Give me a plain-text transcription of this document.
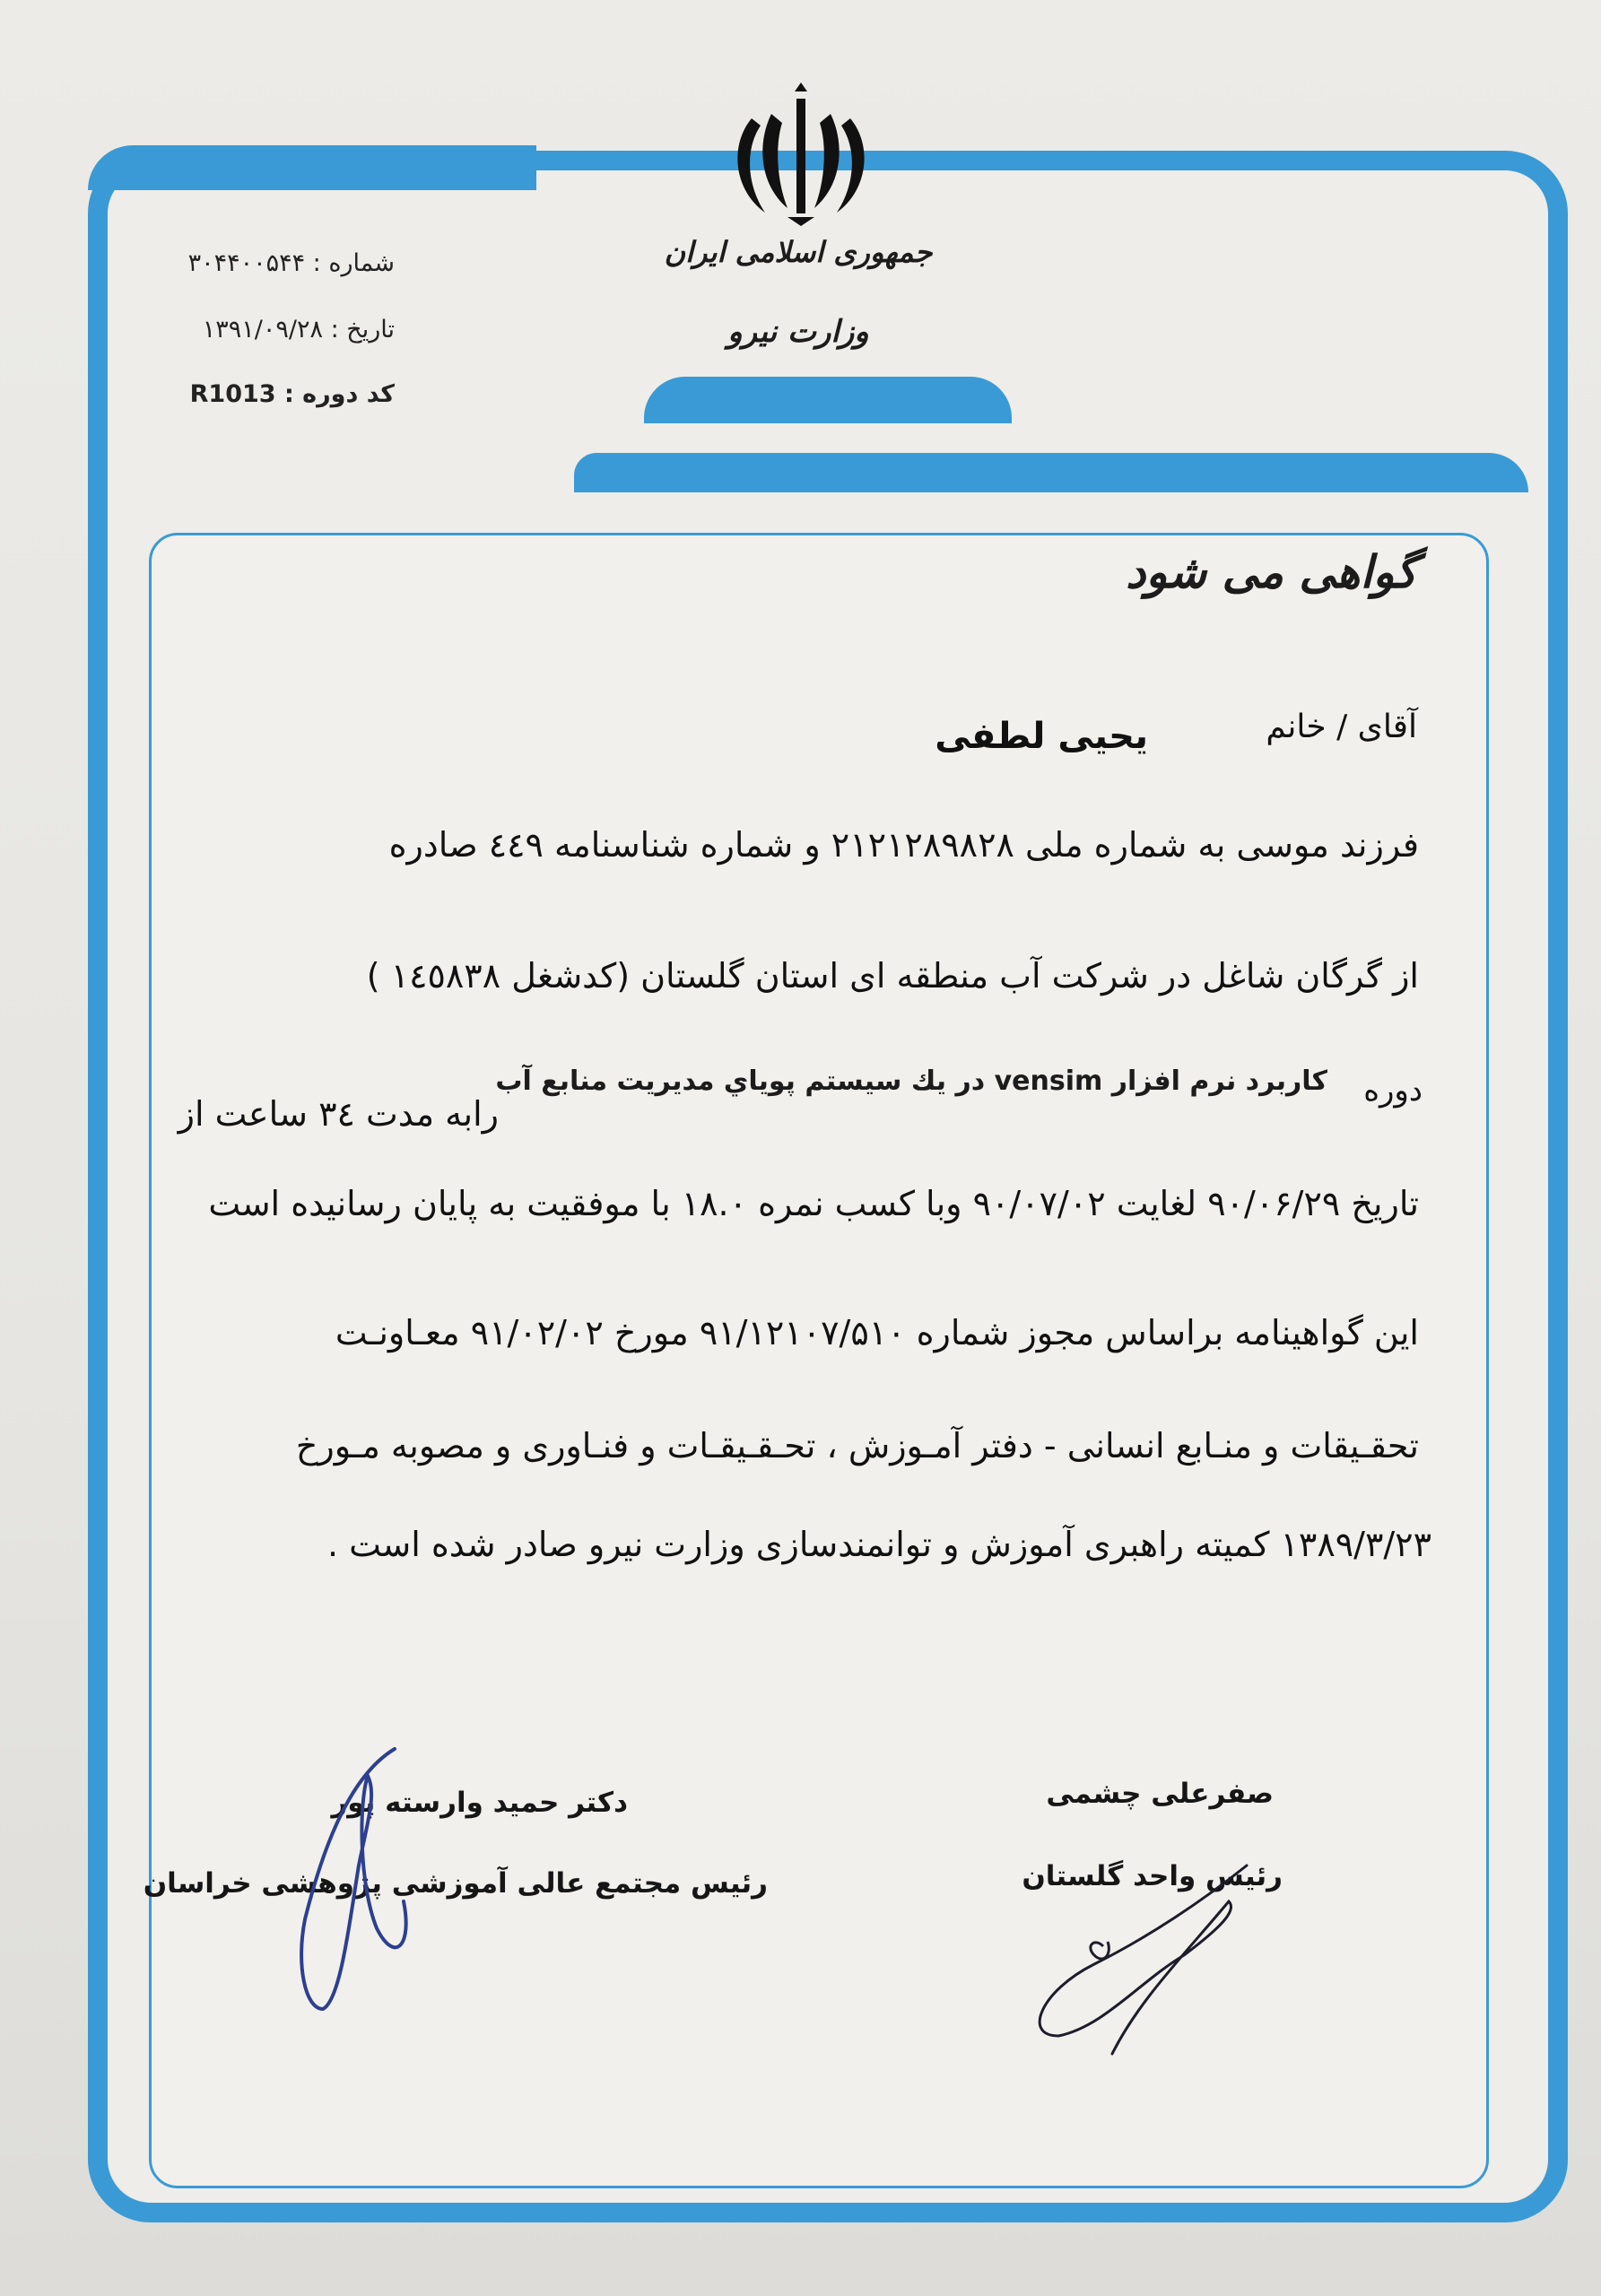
جمهوری اسلامی ایران
وزارت نیرو
شماره : ۳۰۴۴۰۰۵۴۴
تاریخ : ۱۳۹۱/۰۹/۲۸
کد دوره : R1013
گواهی می شود
آقای / خانم
یحیی لطفی
فرزند موسی به شماره ملی ۲۱۲۱۲۸۹۸۲۸ و شماره شناسنامه ٤٤۹ صادره
از گرگان شاغل در شرکت آب منطقه ای استان گلستان (کدشغل ۱٤٥۸۳۸ )
دوره
كاربرد نرم افزار vensim در يك سيستم پوياي مديريت منابع آب
رابه مدت ۳٤ ساعت از
تاریخ ۹۰/۰۶/۲۹ لغایت ۹۰/۰۷/۰۲ وبا کسب نمره ۱۸.۰ با موفقیت به پایان رسانیده است
این گواهینامه براساس مجوز شماره ۹۱/۱۲۱۰۷/۵۱۰ مورخ ۹۱/۰۲/۰۲ معـاونـت
تحقـیقات و منـابع انسانی - دفتر آمـوزش ، تحـقـیقـات و فنـاوری و مصوبه مـورخ
۱۳۸۹/۳/۲۳ کمیته راهبری آموزش و توانمندسازی وزارت نیرو صادر شده است .
صفرعلی چشمی
رئیس واحد گلستان
دکتر حمید وارسته پور
رئیس مجتمع عالی آموزشی پژوهشی خراسان
